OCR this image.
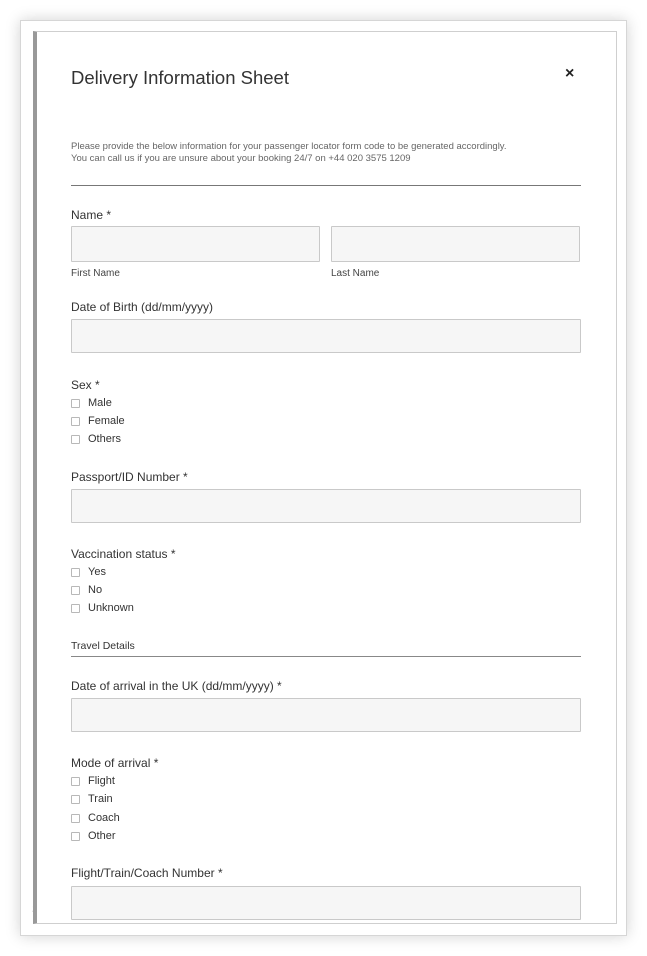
Delivery Information Sheet	×
Please provide the below information for your passenger locator form code to be generated accordingly.
You can call us if you are unsure about your booking 24/7 on +44 020 3575 1209
Name *
First Name	Last Name
Date of Birth (dd/mm/yyyy)
Sex *
Male
Female
Others
Passport/ID Number *
Vaccination status *
Yes
No
Unknown
Travel Details
Date of arrival in the UK (dd/mm/yyyy) *
Mode of arrival *
Flight
Train
Coach
Other
Flight/Train/Coach Number *
